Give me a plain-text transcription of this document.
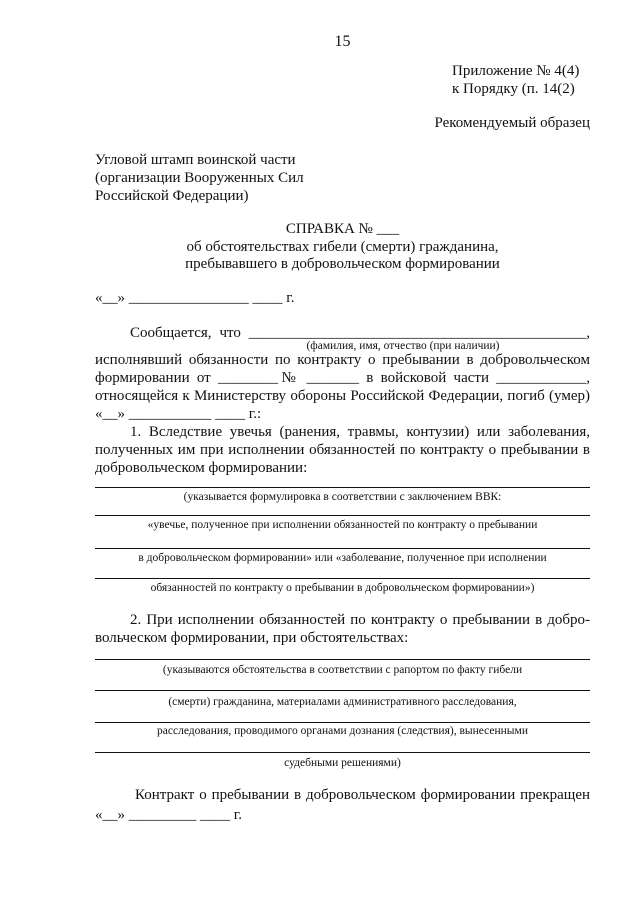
15
Приложение № 4(4)
к Порядку (п. 14(2)
Рекомендуемый образец
Угловой штамп воинской части
(организации Вооруженных Сил
Российской Федерации)
СПРАВКА № ___
об обстоятельствах гибели (смерти) гражданина,
пребывавшего в добровольческом формировании
«__» ________________ ____ г.
Сообщается, что _____________________________________________,
(фамилия, имя, отчество (при наличии)
исполнявший обязанности по контракту о пребывании в добровольческом
формировании от ________№ _______ в войсковой части ____________,
относящейся к Министерству обороны Российской Федерации, погиб (умер)
«__» ___________ ____ г.:
1. Вследствие увечья (ранения, травмы, контузии) или заболевания,
полученных им при исполнении обязанностей по контракту о пребывании в
добровольческом формировании:
(указывается формулировка в соответствии с заключением ВВК:
«увечье, полученное при исполнении обязанностей по контракту о пребывании
в добровольческом формировании» или «заболевание, полученное при исполнении
обязанностей по контракту о пребывании в добровольческом формировании»)
2. При исполнении обязанностей по контракту о пребывании в добро-
вольческом формировании, при обстоятельствах:
(указываются обстоятельства в соответствии с рапортом по факту гибели
(смерти) гражданина, материалами административного расследования,
расследования, проводимого органами дознания (следствия), вынесенными
судебными решениями)
Контракт о пребывании в добровольческом формировании прекращен
«__» _________ ____ г.
